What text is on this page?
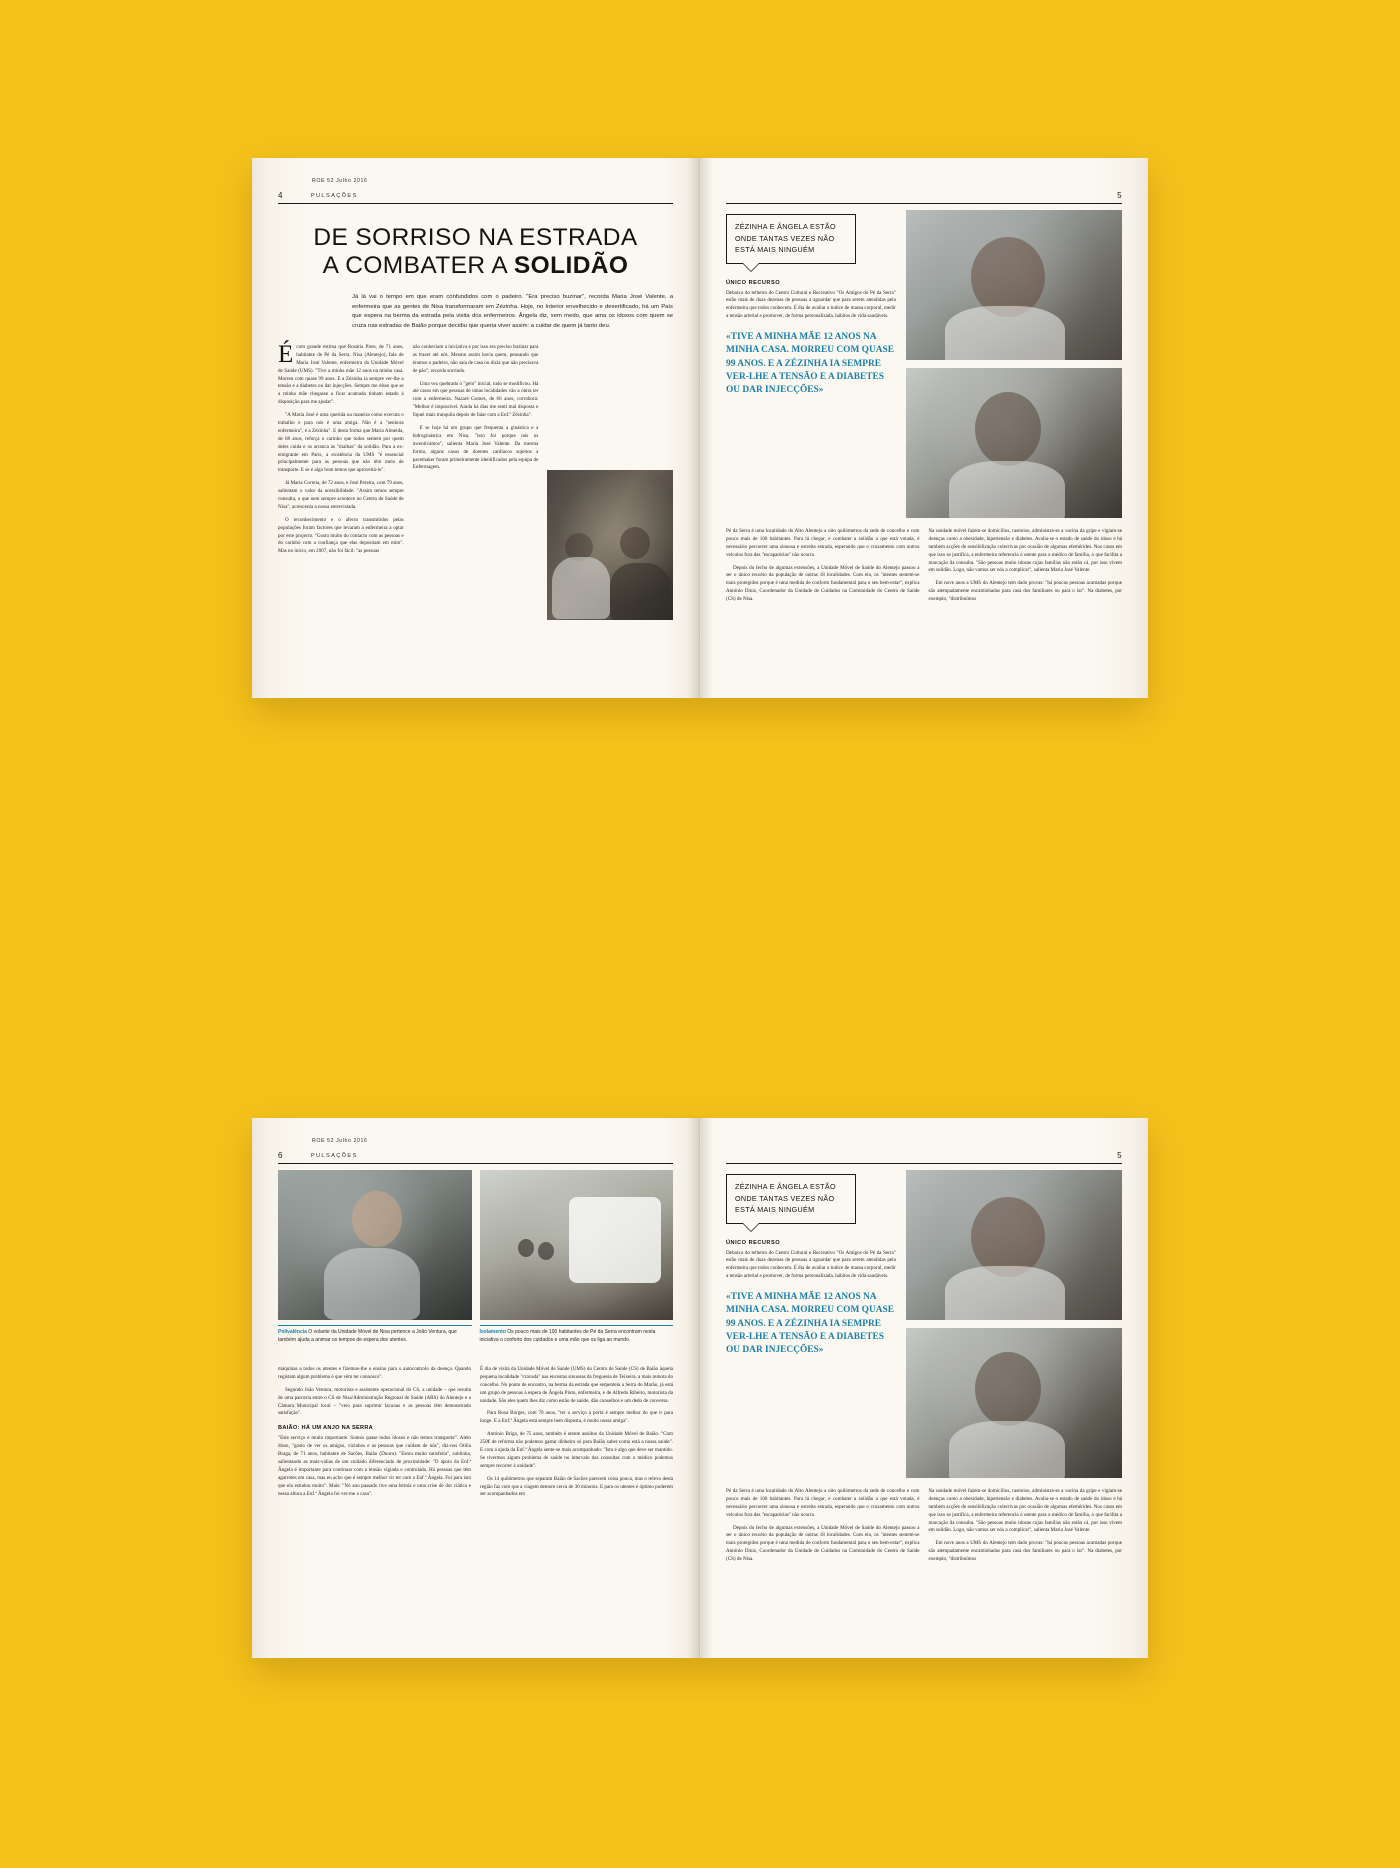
ROE 52 Julho 2016
4	PULSAÇÕES
DE SORRISO NA ESTRADA
A COMBATER A SOLIDÃO

Já lá vai o tempo em que eram confundidos com o padeiro. "Era preciso buzinar", recorda Maria José Valente, a enfermeira que as gentes de Nisa transformaram em Zézinha. Hoje, no Interior envelhecido e desertificado, há um País que espera na berma da estrada pela visita dos enfermeiros. Ângela diz, sem medo, que ama os idosos com quem se cruza nas estradas de Baião porque decidiu que queria viver assim: a cuidar de quem já tanto deu.

Écom grande estima que Rosária Pires, de 71 anos, habitante de Pé da Serra, Nisa (Alentejo), fala de Maria José Valente, enfermeira da Unidade Móvel de Saúde (UMS). "Tive a minha mãe 12 anos na minha casa. Morreu com quase 99 anos. E a Zézinha ia sempre ver-lhe a tensão e a diabetes ou dar injecções. Sempre me disse que se a minha mãe chegasse a ficar acamada tinham estado à disposição para me ajudar".

"A Maria José é uma querida na maneira como executa o trabalho e para nós é uma amiga. Não é a "senhora enfermeira", é a Zézinha". E desta forma que Maria Almeida, de 68 anos, reforça o carinho que todos sentem por quem deles cuida e os arranca às "malhas" da solidão. Para a ex-emigrante em Paris, a existência da UMS "é essencial principalmente para as pessoas que não têm meio de transporte. E se é algo bom temos que aproveitá-lo".

Já Maria Correia, de 72 anos, e José Pereira, com 79 anos, salientam o valor da acessibilidade. "Assim temos sempre consulta, o que nem sempre acontece no Centro de Saúde de Nisa", acrescenta a nossa entrevistada.

O reconhecimento e o afecto transmitidos pelas populações foram factores que levaram a enfermeira a optar por este projecto. "Gosto muito do contacto com as pessoas e do carinho com a confiança que elas depositam em mim". Mas no início, em 2007, não foi fácil: "as pessoas

não conheciam a iniciativa e por isso era preciso buzinar para as trazer até nós. Mesmo assim havia quem, pensando que éramos o padeiro, não saía de casa ou dizia que não precisava de pão", recorda sorrindo.

Uma vez quebrado o "gelo" inicial, tudo se modificou. Há até casos em que pessoas de umas localidades vão a outra ter com a enfermeira. Nazaré Gomes, de 66 anos, corrobora: "Melhor é impossível. Ainda há dias me senti mal disposta e fiquei mais tranquila depois de falar com a Enf.ª Zézinha".

E se hoje há um grupo que frequenta a ginástica e a hidroginástica em Nisa, "isso foi porque nós os incentivámos", salienta Maria José Valente. Da mesma forma, alguns casos de doentes cardíacos sujeitos a pacemaker foram primeiramente identificados pela equipa de Enfermagem.

5
ZÉZINHA E ÂNGELA ESTÃO ONDE TANTAS VEZES NÃO ESTÁ MAIS NINGUÉM
ÚNICO RECURSO

Debaixo do telheiro do Centro Cultural e Recreativo "Os Amigos do Pé da Serra" estão mais de duas dezenas de pessoas a aguardar que para serem atendidas pela enfermeira que todos conhecem. É dia de avaliar o índice de massa corporal, medir a tensão arterial e promover, de forma personalizada, hábitos de vida saudáveis.

«TIVE A MINHA MÃE 12 ANOS NA MINHA CASA. MORREU COM QUASE 99 ANOS. E A ZÉZINHA IA SEMPRE VER-LHE A TENSÃO E A DIABETES OU DAR INJECÇÕES»

Pé da Serra é uma localidade do Alto Alentejo a oito quilómetros da sede de concelho e com pouco mais de 100 habitantes. Para lá chegar, e combater a solidão a que está votada, é necessário percorrer uma sinuosa e estreita estrada, esperando que o cruzamento com outros veículos fora das "escapatórias" não ocorra.

Depois do fecho de algumas extensões, a Unidade Móvel de Saúde do Alentejo passou a ser o único recurso da população de outras 18 localidades. Com ela, os "utentes sentem-se mais protegidos porque é uma medida de conforto fundamental para o seu bem-estar", explica António Diniz, Coordenador da Unidade de Cuidados na Comunidade do Centro de Saúde (CS) de Nisa.

Na unidade móvel fazem-se domicílios, rastreios, administra-se a vacina da gripe e vigiam-se doenças como a obesidade, hipertensão e diabetes. Avalia-se o estado de saúde do idoso e há também acções de sensibilização colectivas por ocasião de algumas efemérides. Nos casos em que isso se justifica, a enfermeira referencia o utente para o médico de família, o que facilita a marcação da consulta. "São pessoas muito idosas cujas famílias não estão cá, por isso vivem em solidão. Logo, não vamos ser nós a complicar", salienta Maria José Valente.

Em nove anos a UMS do Alentejo tem dado provas: "há poucas pessoas acamadas porque são atempadamente encaminhadas para casa dos familiares ou para o lar". Na diabetes, por exemplo, "distribuímos

ROE 52 Julho 2016
6	PULSAÇÕES
Polivalência O volante da Unidade Móvel de Nisa pertence a João Ventura, que também ajuda a animar os tempos de espera dos utentes.
Isolamento Os pouco mais de 100 habitantes de Pé da Serra encontram nesta iniciativa o conforto dos cuidados e uma mão que os liga ao mundo.

máquinas a todos os utentes e fizemos-lhe o ensino para o autocontrolo da doença. Quando registam algum problema é que vêm ter connosco".

Segundo João Ventura, motorista e assistente operacional do CS, a unidade – que resulta de uma parceria entre o CS de Nisa/Administração Regional de Saúde (ARS) do Alentejo e a Câmara Municipal local – "veio para suprimir lacunas e as pessoas têm demonstrado satisfação".

BAIÃO: HÁ UM ANJO NA SERRA

"Este serviço é muito importante. Somos quase todos idosos e não temos transporte". Além disso, "gosto de ver os amigos, vizinhos e as pessoas que cuidam de nós", diz-nos Otília Braga, de 71 anos, habitante de Sacões, Baião (Douro). "Estou muito satisfeita", sublinha, salientando as mais-valias de um cuidado diferenciado de proximidade: "O apoio da Enf.ª Ângela é importante para continuar com a tensão vigiada e controlada. Há pessoas que têm agarrotes em casa, mas eu acho que é sempre melhor vir ter com a Enf.ª Ângela. Foi para isto que ela estudou muito". Mais: "Nó ano passado tive uma hérnia e uma crise de dor ciática e nessa altura a Enf.ª Ângela foi ver-me a casa".

É dia de visita da Unidade Móvel de Saúde (UMS) do Centro de Saúde (CS) de Baião àquela pequena localidade "cravada" nas encostas sinuosas da freguesia de Teixeira, a mais remota do concelho. No ponto de encontro, na berma da estrada que serpenteia a Serra do Marão, já está um grupo de pessoas à espera de Ângela Pinto, enfermeira, e de Alfredo Ribeiro, motorista da unidade. São eles quem lhes diz como estão de saúde, dão conselhos e um dedo de conversa.

Para Rosa Borges, com 70 anos, "ter o serviço à porta é sempre melhor do que ir para longe. E a Enf.ª Ângela está sempre bem disposta, é muito nossa amiga".

António Briga, de 75 anos, também é utente assíduo da Unidade Móvel de Baião. "Com 250€ de reforma não podemos gastar dinheiro só para Baião saber como está a nossa saúde". E com a ajuda da Enf.ª Ângela sente-se mais acompanhado: "Isto é algo que deve ser mantido. Se tivermos algum problema de saúde no intervalo das consultas com o médico podemos sempre recorrer à unidade".

Os 14 quilómetros que separam Baião de Sacões parecem coisa pouca, mas o relevo desta região faz com que a viagem demore cerca de 30 minutos. E para os utentes é óptimo poderem ser acompanhados em

5
ZÉZINHA E ÂNGELA ESTÃO ONDE TANTAS VEZES NÃO ESTÁ MAIS NINGUÉM
ÚNICO RECURSO

Debaixo do telheiro do Centro Cultural e Recreativo "Os Amigos do Pé da Serra" estão mais de duas dezenas de pessoas a aguardar que para serem atendidas pela enfermeira que todos conhecem. É dia de avaliar o índice de massa corporal, medir a tensão arterial e promover, de forma personalizada, hábitos de vida saudáveis.

«TIVE A MINHA MÃE 12 ANOS NA MINHA CASA. MORREU COM QUASE 99 ANOS. E A ZÉZINHA IA SEMPRE VER-LHE A TENSÃO E A DIABETES OU DAR INJECÇÕES»

Pé da Serra é uma localidade do Alto Alentejo a oito quilómetros da sede de concelho e com pouco mais de 100 habitantes. Para lá chegar, e combater a solidão a que está votada, é necessário percorrer uma sinuosa e estreita estrada, esperando que o cruzamento com outros veículos fora das "escapatórias" não ocorra.

Depois do fecho de algumas extensões, a Unidade Móvel de Saúde do Alentejo passou a ser o único recurso da população de outras 18 localidades. Com ela, os "utentes sentem-se mais protegidos porque é uma medida de conforto fundamental para o seu bem-estar", explica António Diniz, Coordenador da Unidade de Cuidados na Comunidade do Centro de Saúde (CS) de Nisa.

Na unidade móvel fazem-se domicílios, rastreios, administra-se a vacina da gripe e vigiam-se doenças como a obesidade, hipertensão e diabetes. Avalia-se o estado de saúde do idoso e há também acções de sensibilização colectivas por ocasião de algumas efemérides. Nos casos em que isso se justifica, a enfermeira referencia o utente para o médico de família, o que facilita a marcação da consulta. "São pessoas muito idosas cujas famílias não estão cá, por isso vivem em solidão. Logo, não vamos ser nós a complicar", salienta Maria José Valente.

Em nove anos a UMS do Alentejo tem dado provas: "há poucas pessoas acamadas porque são atempadamente encaminhadas para casa dos familiares ou para o lar". Na diabetes, por exemplo, "distribuímos
